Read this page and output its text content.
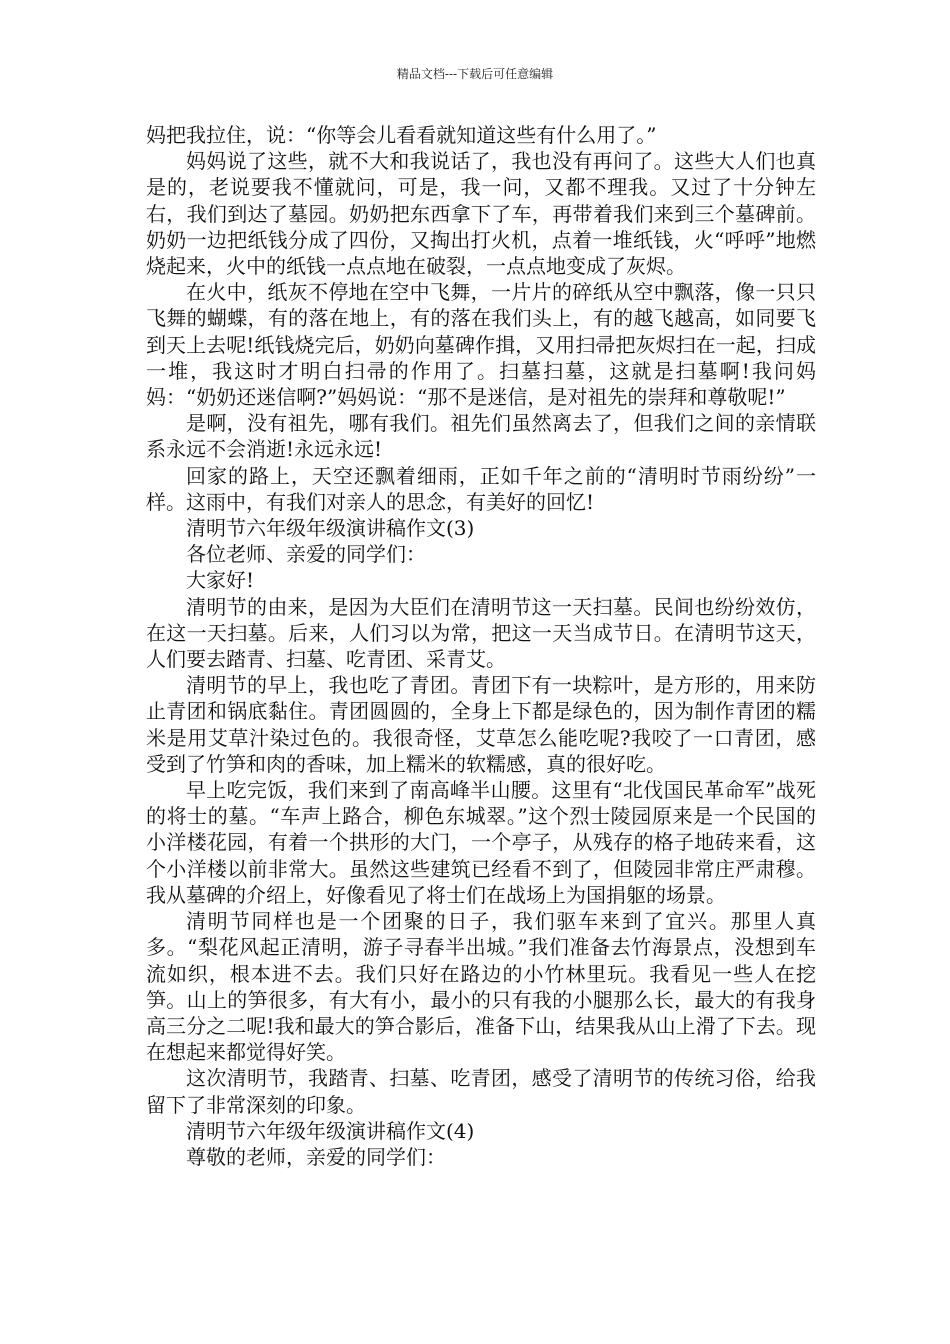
精品文档---下载后可任意编辑

妈把我拉住，说：“你等会儿看看就知道这些有什么用了。”

妈妈说了这些，就不大和我说话了，我也没有再问了。这些大人们也真是的，老说要我不懂就问，可是，我一问，又都不理我。又过了十分钟左右，我们到达了墓园。奶奶把东西拿下了车，再带着我们来到三个墓碑前。奶奶一边把纸钱分成了四份，又掏出打火机，点着一堆纸钱，火“呼呼”地燃烧起来，火中的纸钱一点点地在破裂，一点点地变成了灰烬。

在火中，纸灰不停地在空中飞舞，一片片的碎纸从空中飘落，像一只只飞舞的蝴蝶，有的落在地上，有的落在我们头上，有的越飞越高，如同要飞到天上去呢!纸钱烧完后，奶奶向墓碑作揖，又用扫帚把灰烬扫在一起，扫成一堆，我这时才明白扫帚的作用了。扫墓扫墓，这就是扫墓啊!我问妈妈：“奶奶还迷信啊?”妈妈说：“那不是迷信，是对祖先的崇拜和尊敬呢!”

是啊，没有祖先，哪有我们。祖先们虽然离去了，但我们之间的亲情联系永远不会消逝!永远永远!

回家的路上，天空还飘着细雨，正如千年之前的“清明时节雨纷纷”一样。这雨中，有我们对亲人的思念，有美好的回忆!

清明节六年级年级演讲稿作文(3)

各位老师、亲爱的同学们：

大家好!

清明节的由来，是因为大臣们在清明节这一天扫墓。民间也纷纷效仿，在这一天扫墓。后来，人们习以为常，把这一天当成节日。在清明节这天，人们要去踏青、扫墓、吃青团、采青艾。

清明节的早上，我也吃了青团。青团下有一块粽叶，是方形的，用来防止青团和锅底黏住。青团圆圆的，全身上下都是绿色的，因为制作青团的糯米是用艾草汁染过色的。我很奇怪，艾草怎么能吃呢?我咬了一口青团，感受到了竹笋和肉的香味，加上糯米的软糯感，真的很好吃。

早上吃完饭，我们来到了南高峰半山腰。这里有“北伐国民革命军”战死的将士的墓。“车声上路合，柳色东城翠。”这个烈士陵园原来是一个民国的小洋楼花园，有着一个拱形的大门，一个亭子，从残存的格子地砖来看，这个小洋楼以前非常大。虽然这些建筑已经看不到了，但陵园非常庄严肃穆。我从墓碑的介绍上，好像看见了将士们在战场上为国捐躯的场景。

清明节同样也是一个团聚的日子，我们驱车来到了宜兴。那里人真多。“梨花风起正清明，游子寻春半出城。”我们准备去竹海景点，没想到车流如织，根本进不去。我们只好在路边的小竹林里玩。我看见一些人在挖笋。山上的笋很多，有大有小，最小的只有我的小腿那么长，最大的有我身高三分之二呢!我和最大的笋合影后，准备下山，结果我从山上滑了下去。现在想起来都觉得好笑。

这次清明节，我踏青、扫墓、吃青团，感受了清明节的传统习俗，给我留下了非常深刻的印象。

清明节六年级年级演讲稿作文(4)

尊敬的老师，亲爱的同学们：
